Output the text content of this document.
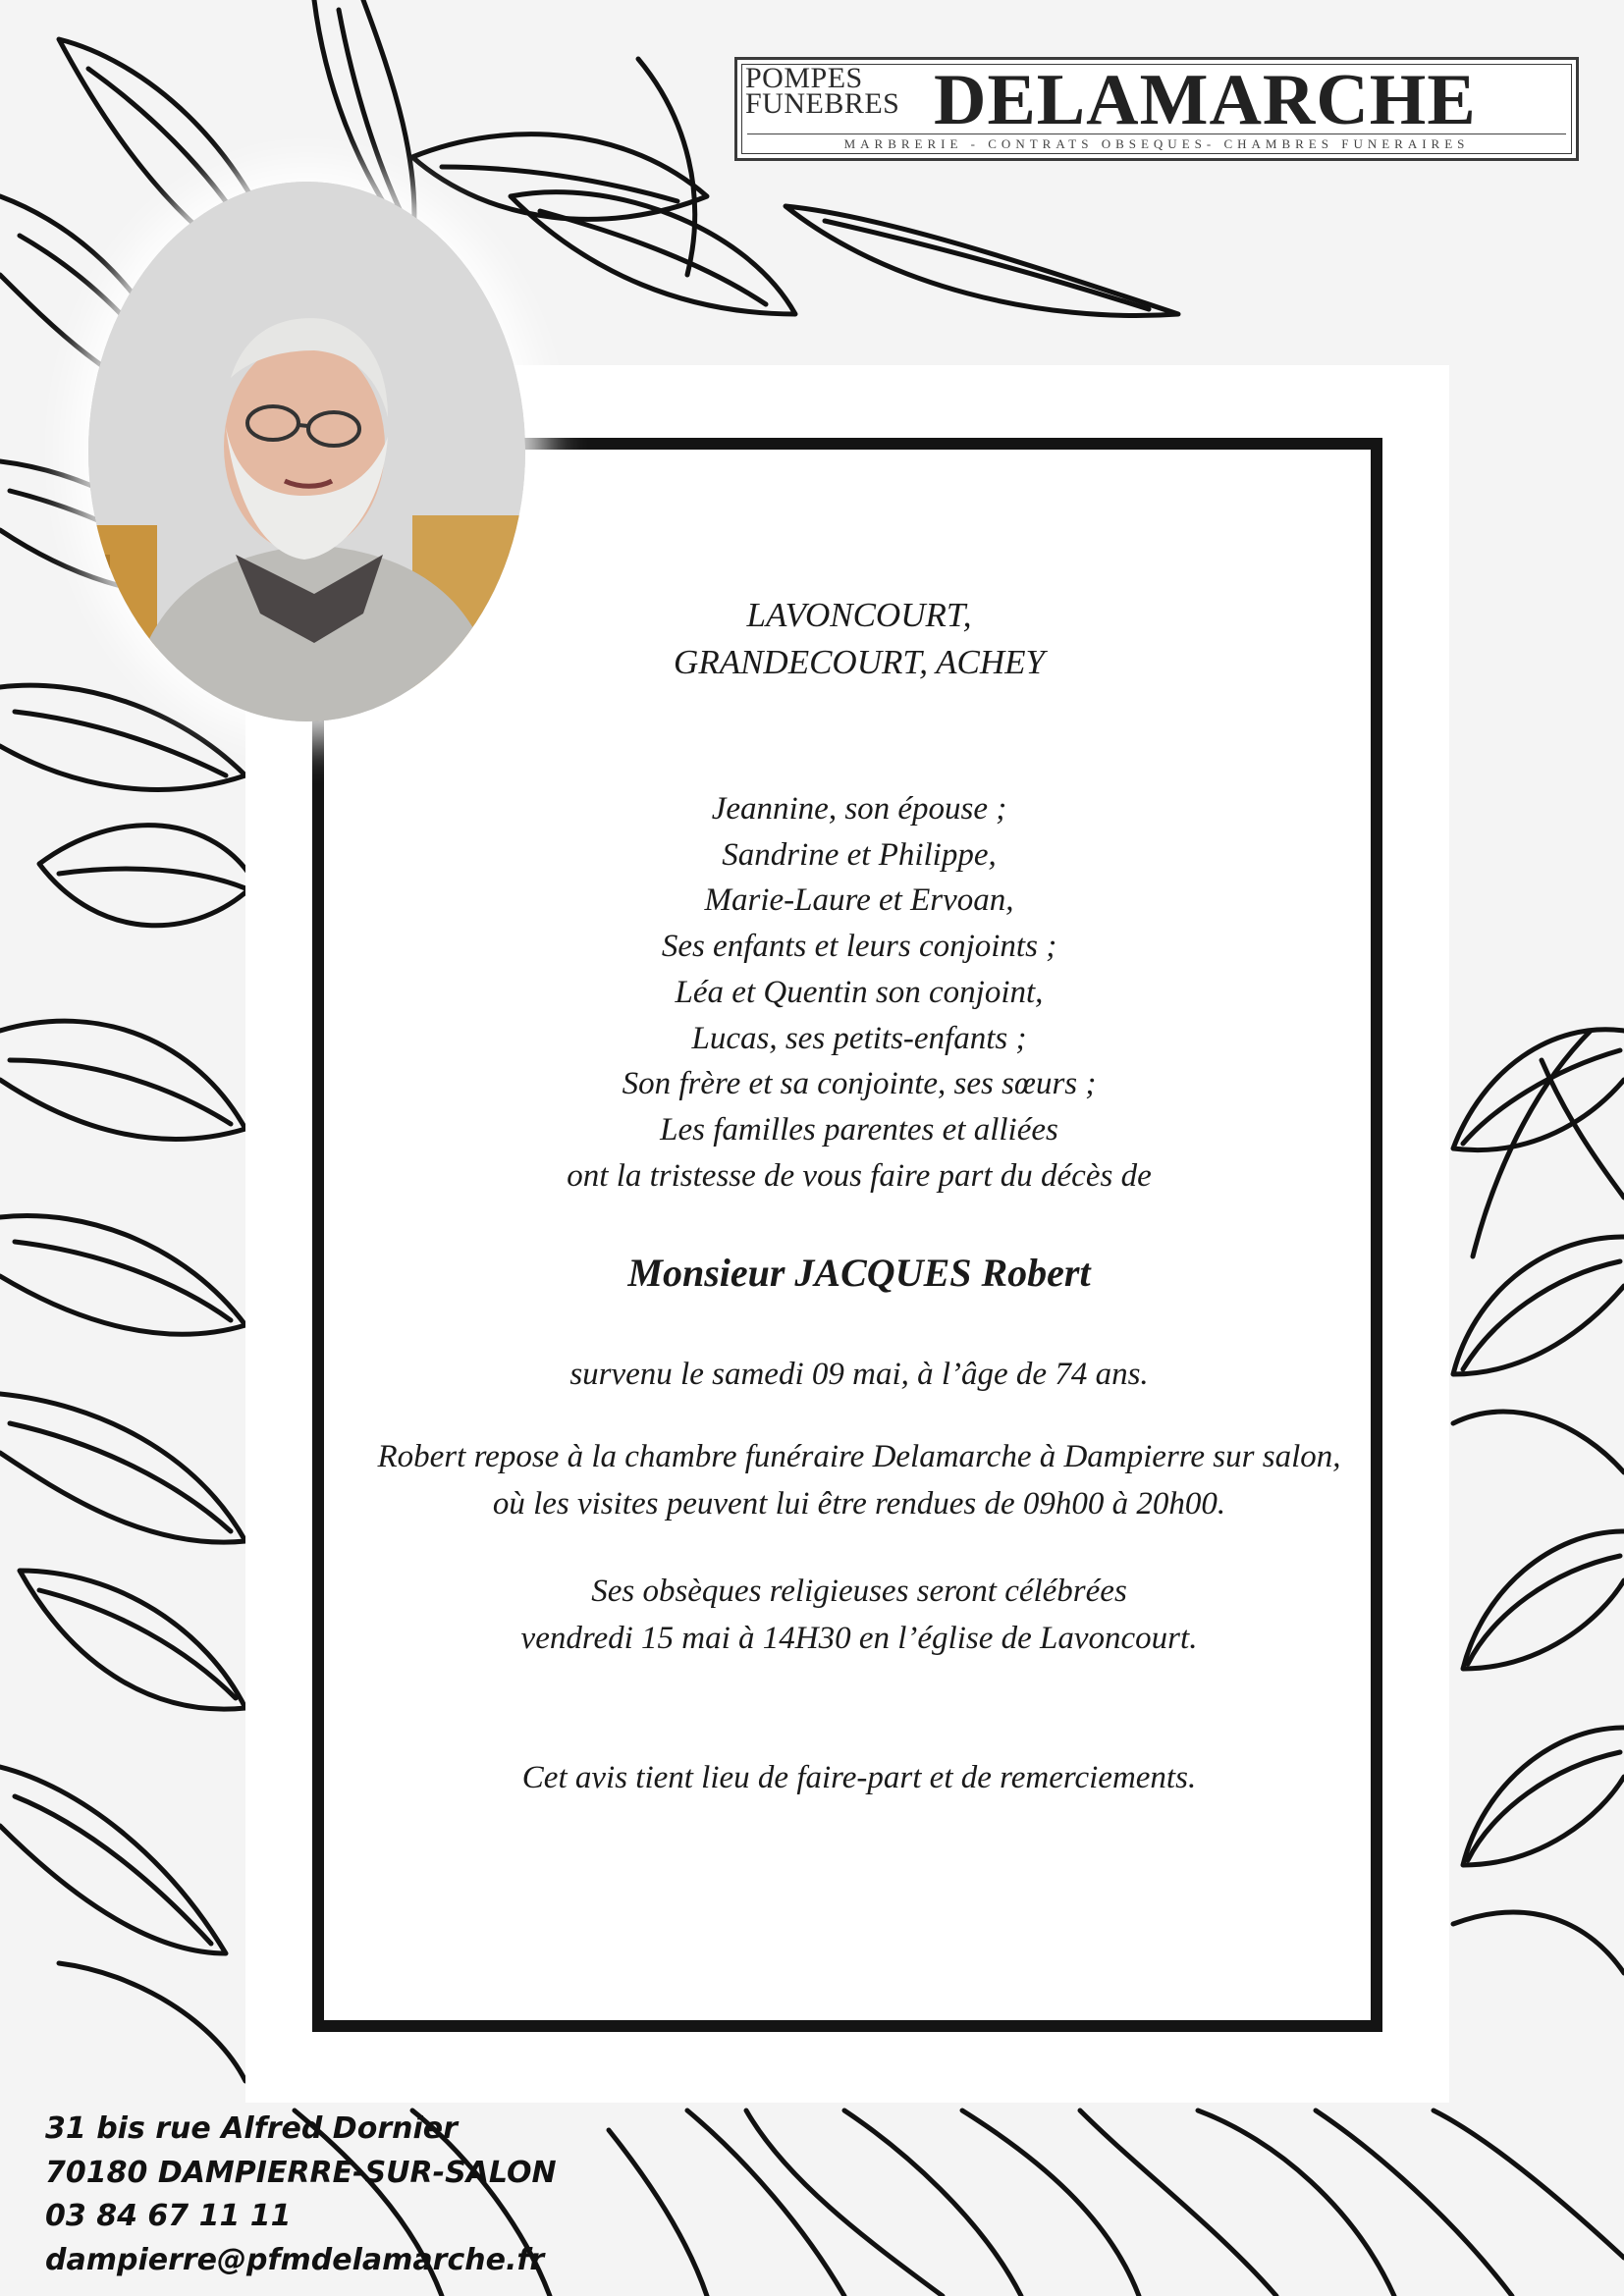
POMPES
FUNEBRES DELAMARCHE
MARBRERIE - CONTRATS OBSEQUES- CHAMBRES FUNERAIRES
LAVONCOURT,
GRANDECOURT, ACHEY
Jeannine, son épouse ;
Sandrine et Philippe,
Marie-Laure et Ervoan,
Ses enfants et leurs conjoints ;
Léa et Quentin son conjoint,
Lucas, ses petits-enfants ;
Son frère et sa conjointe, ses sœurs ;
Les familles parentes et alliées
ont la tristesse de vous faire part du décès de
Monsieur JACQUES Robert
survenu le samedi 09 mai, à l’âge de 74 ans.
Robert repose à la chambre funéraire Delamarche à Dampierre sur salon,
où les visites peuvent lui être rendues de 09h00 à 20h00.
Ses obsèques religieuses seront célébrées
vendredi 15 mai à 14H30 en l’église de Lavoncourt.
Cet avis tient lieu de faire-part et de remerciements.
31 bis rue Alfred Dornier
70180 DAMPIERRE-SUR-SALON
03 84 67 11 11
dampierre@pfmdelamarche.fr
